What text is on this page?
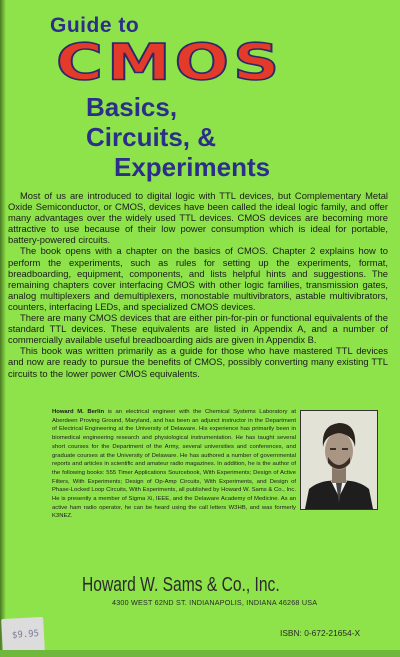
Guide to
CMOS
Basics,
Circuits, &
Experiments

Most of us are introduced to digital logic with TTL devices, but Complementary Metal Oxide Semiconductor, or CMOS, devices have been called the ideal logic family, and offer many advantages over the widely used TTL devices. CMOS devices are becoming more attractive to use because of their low power consumption which is ideal for portable, battery-powered circuits.

The book opens with a chapter on the basics of CMOS. Chapter 2 explains how to perform the experiments, such as rules for setting up the experiments, format, breadboarding, equipment, components, and lists helpful hints and suggestions. The remaining chapters cover interfacing CMOS with other logic families, transmission gates, analog multiplexers and demultiplexers, monostable multivibrators, astable multivibrators, counters, interfacing LEDs, and specialized CMOS devices.

There are many CMOS devices that are either pin-for-pin or functional equivalents of the standard TTL devices. These equivalents are listed in Appendix A, and a number of commercially available useful breadboarding aids are given in Appendix B.

This book was written primarily as a guide for those who have mastered TTL devices and now are ready to pursue the benefits of CMOS, possibly converting many existing TTL circuits to the lower power CMOS equivalents.

Howard M. Berlin is an electrical engineer with the Chemical Systems Laboratory at Aberdeen Proving Ground, Maryland, and has been an adjunct instructor in the Department of Electrical Engineering at the University of Delaware. His experience has primarily been in biomedical engineering research and physiological instrumentation. He has taught several short courses for the Department of the Army, several universities and conferences, and graduate courses at the University of Delaware. He has authored a number of governmental reports and articles in scientific and amateur radio magazines. In addition, he is the author of the following books: 555 Timer Applications Sourcebook, With Experiments; Design of Active Filters, With Experiments; Design of Op-Amp Circuits, With Experiments, and Design of Phase-Locked Loop Circuits, With Experiments, all published by Howard W. Sams & Co., Inc. He is presently a member of Sigma Xi, IEEE, and the Delaware Academy of Medicine. As an active ham radio operator, he can be heard using the call letters W3HB, and was formerly K3NEZ.
Howard W. Sams & Co., Inc.
4300 WEST 62ND ST. INDIANAPOLIS, INDIANA 46268 USA
ISBN: 0-672-21654-X
$9.95
